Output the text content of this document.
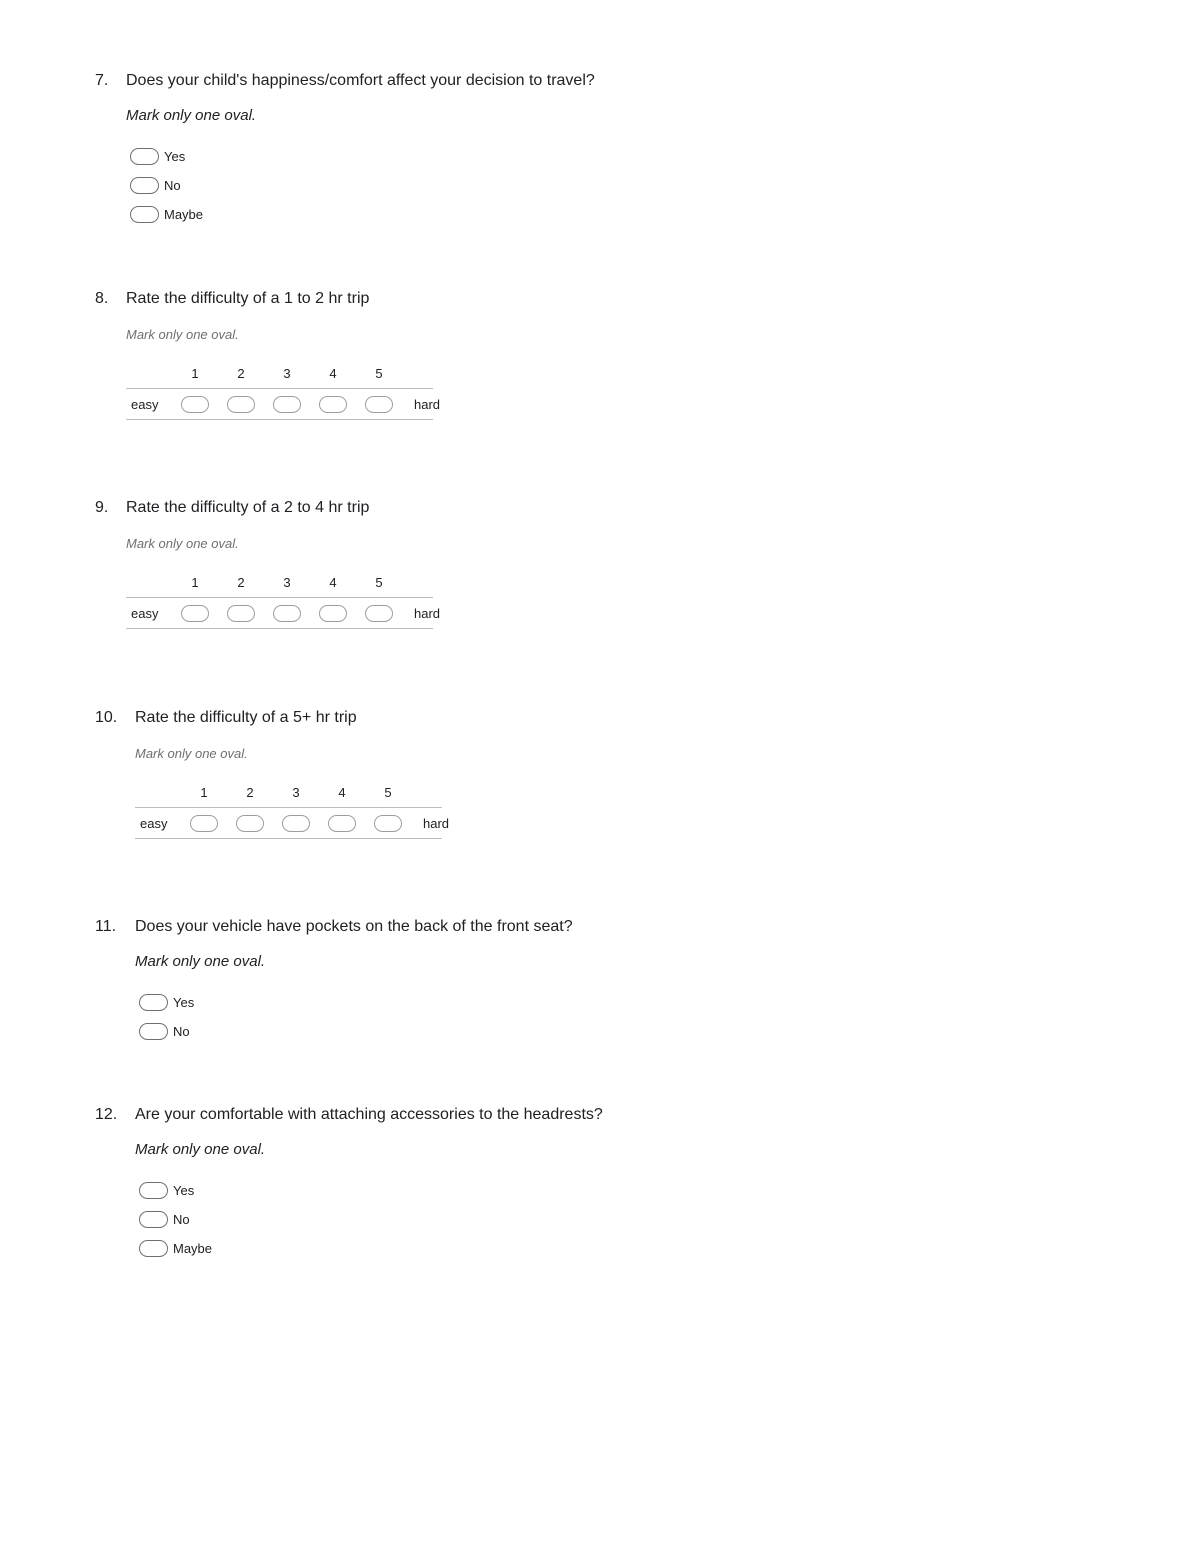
7. Does your child's happiness/comfort affect your decision to travel?
Mark only one oval.
Yes
No
Maybe
8. Rate the difficulty of a 1 to 2 hr trip
Mark only one oval.
1	2	3	4	5
easy	hard
9. Rate the difficulty of a 2 to 4 hr trip
Mark only one oval.
1	2	3	4	5
easy	hard
10. Rate the difficulty of a 5+ hr trip
Mark only one oval.
1	2	3	4	5
easy	hard
11. Does your vehicle have pockets on the back of the front seat?
Mark only one oval.
Yes
No
12. Are your comfortable with attaching accessories to the headrests?
Mark only one oval.
Yes
No
Maybe
